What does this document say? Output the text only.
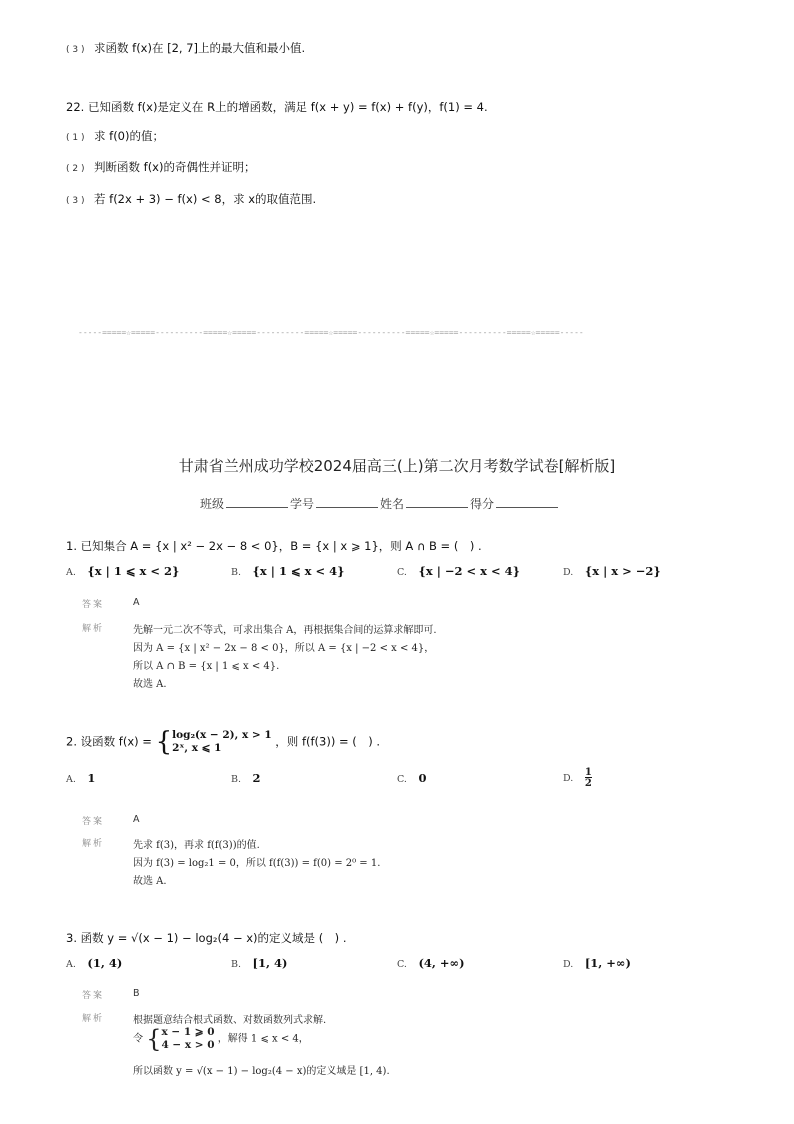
( 3 ) 求函数 f(x)在 [2, 7]上的最大值和最小值.
22. 已知函数 f(x)是定义在 R上的增函数，满足 f(x + y) = f(x) + f(y)，f(1) = 4.
( 1 ) 求 f(0)的值；
( 2 ) 判断函数 f(x)的奇偶性并证明；
( 3 ) 若 f(2x + 3) − f(x) < 8，求 x的取值范围.
-----=====☆=====----------=====☆=====----------=====☆=====----------=====☆=====----------=====☆=====-----
甘肃省兰州成功学校2024届高三(上)第二次月考数学试卷[解析版]
班级	学号	姓名	得分
1. 已知集合 A = {x | x² − 2x − 8 < 0}，B = {x | x ⩾ 1}，则 A ∩ B = (　) .
A. {x | 1 ⩽ x < 2}	B. {x | 1 ⩽ x < 4}	C. {x | −2 < x < 4}	D. {x | x > −2}
答案	A
解析	先解一元二次不等式，可求出集合 A，再根据集合间的运算求解即可.
因为 A = {x | x² − 2x − 8 < 0}，所以 A = {x | −2 < x < 4}，
所以 A ∩ B = {x | 1 ⩽ x < 4}.
故选 A.
2. 设函数 f(x) = {log₂(x − 2), x > 1
2ˣ, x ⩽ 1	，则 f(f(3)) = (　) .
A. 1	B. 2	C. 0	D. $\frac{1}{2}$
答案	A
解析	先求 f(3)，再求 f(f(3))的值.
因为 f(3) = log₂1 = 0，所以 f(f(3)) = f(0) = 2⁰ = 1.
故选 A.
3. 函数 y = √(x − 1) − log₂(4 − x)的定义域是 (　) .
A. (1, 4)	B. [1, 4)	C. (4, +∞)	D. [1, +∞)
答案	B
解析	根据题意结合根式函数、对数函数列式求解.
令 {x − 1 ⩾ 0
4 − x > 0 ，解得 1 ⩽ x < 4，
所以函数 y = √(x − 1) − log₂(4 − x)的定义域是 [1, 4).
